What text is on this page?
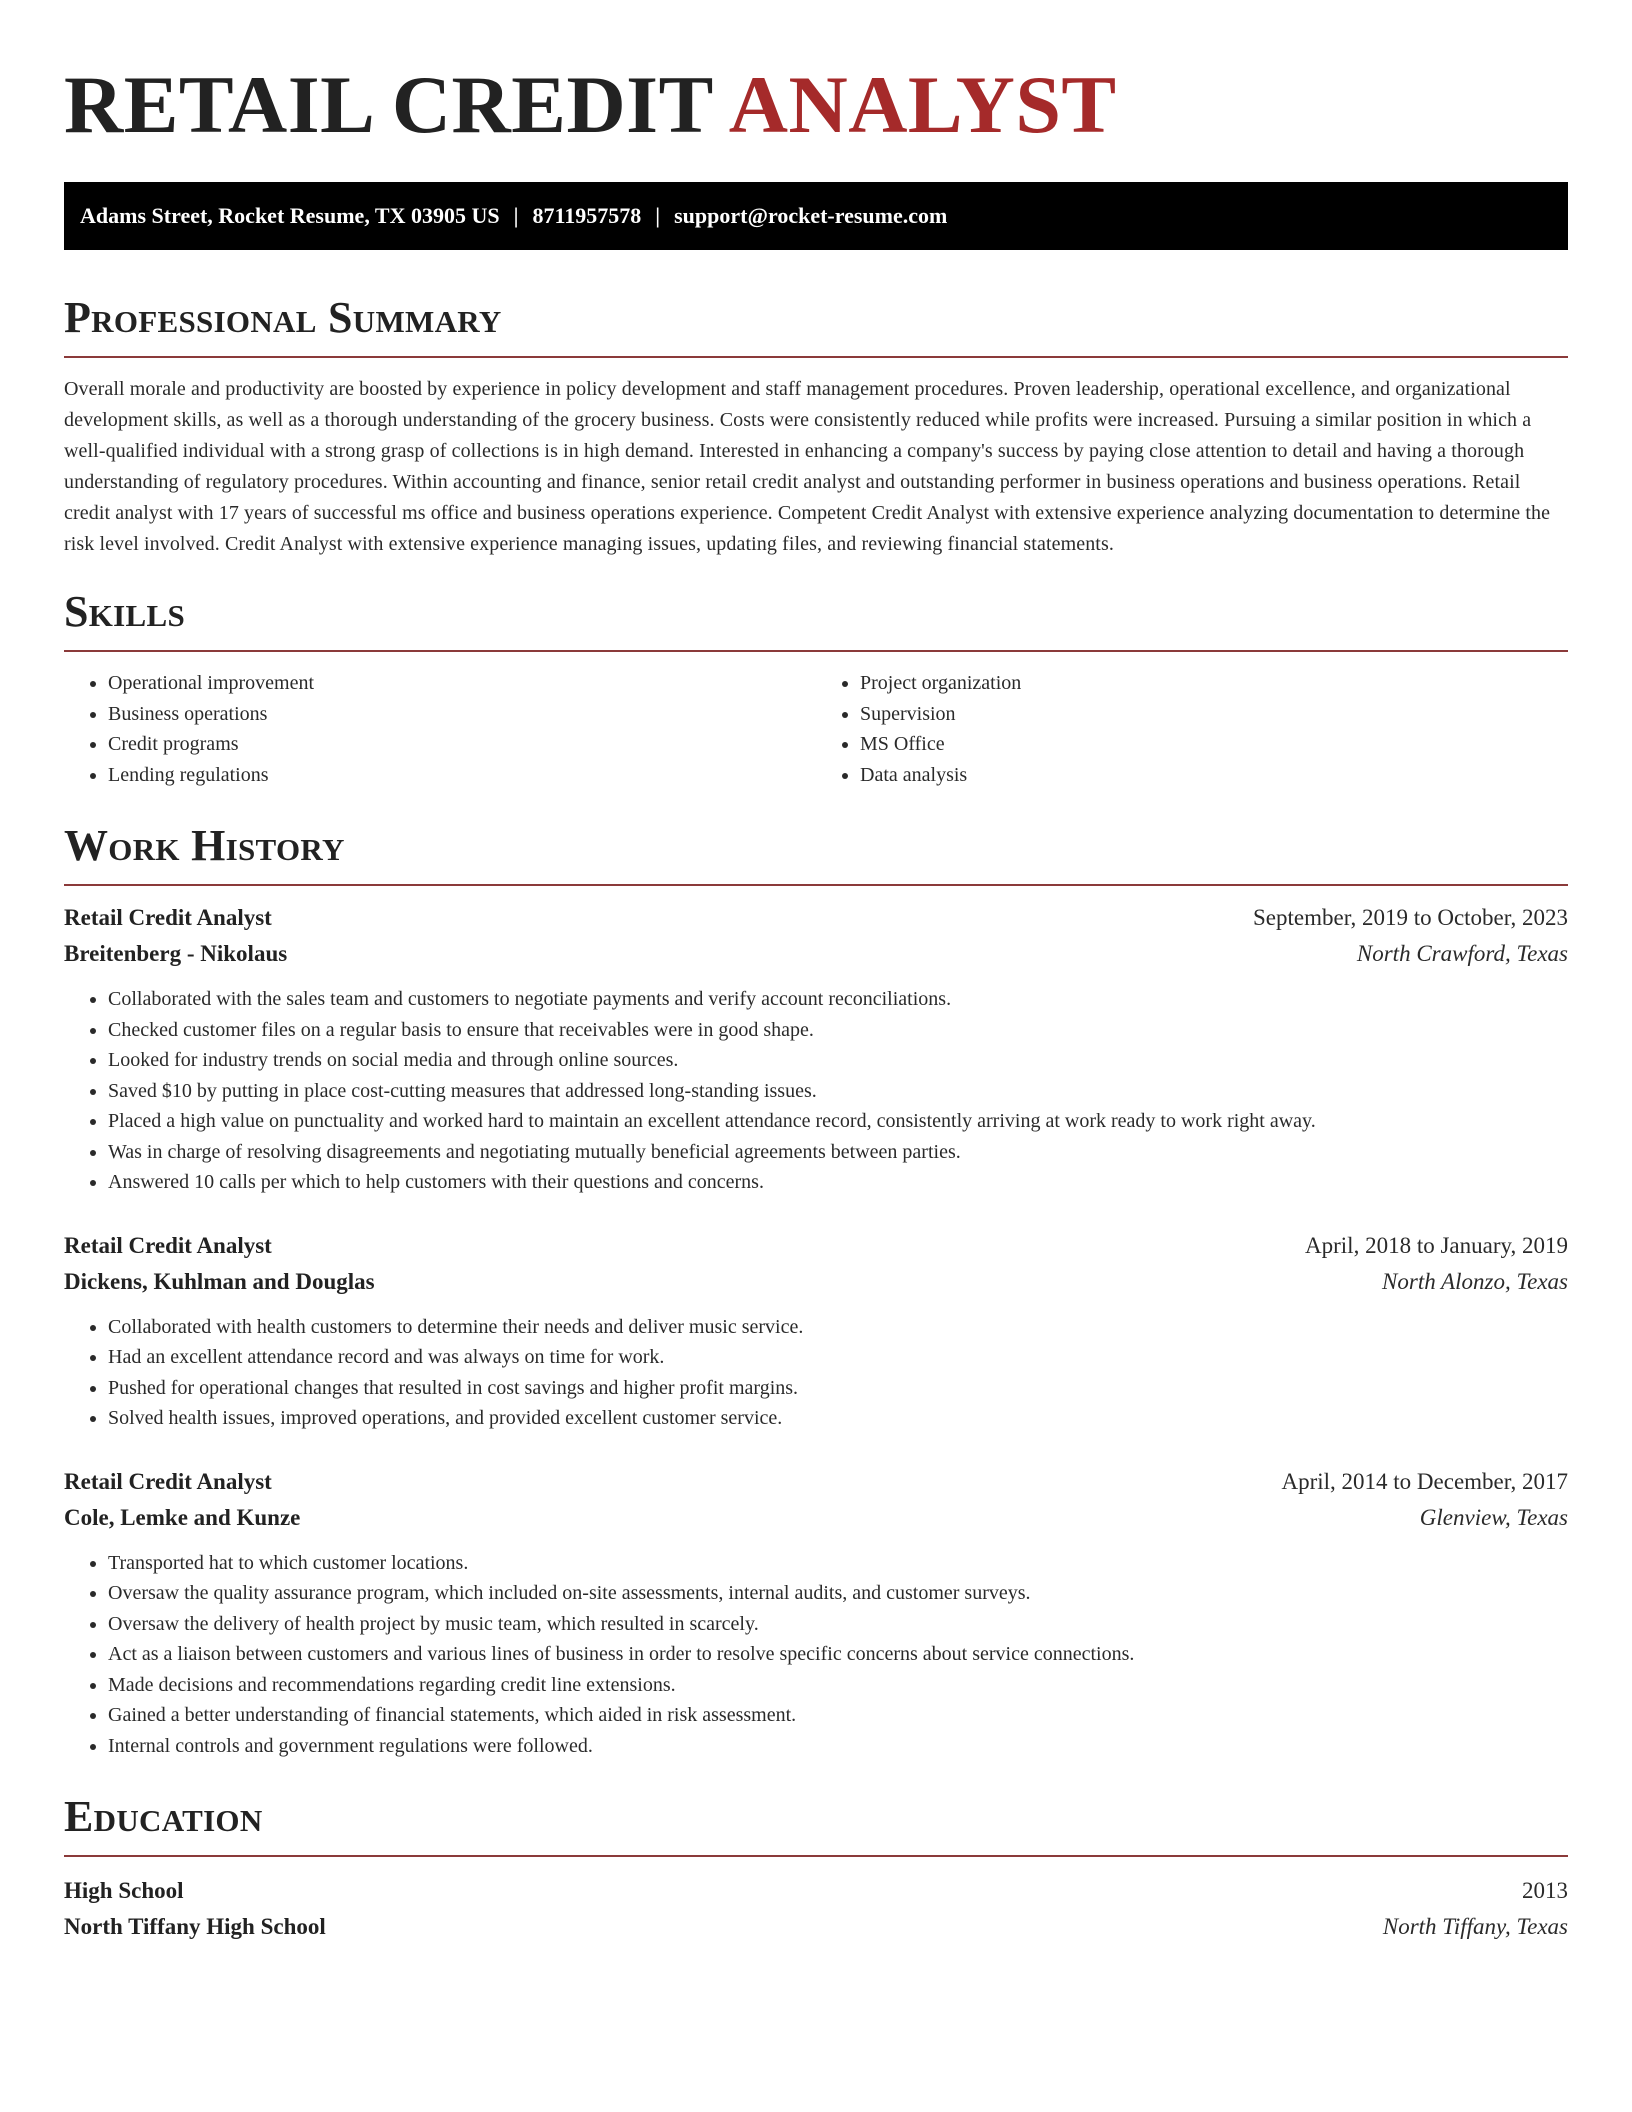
RETAIL CREDIT ANALYST
Adams Street, Rocket Resume, TX 03905 US | 8711957578 | support@rocket-resume.com
Professional Summary

Overall morale and productivity are boosted by experience in policy development and staff management procedures. Proven leadership, operational excellence, and organizational development skills, as well as a thorough understanding of the grocery business. Costs were consistently reduced while profits were increased. Pursuing a similar position in which a well-qualified individual with a strong grasp of collections is in high demand. Interested in enhancing a company's success by paying close attention to detail and having a thorough understanding of regulatory procedures. Within accounting and finance, senior retail credit analyst and outstanding performer in business operations and business operations. Retail credit analyst with 17 years of successful ms office and business operations experience. Competent Credit Analyst with extensive experience analyzing documentation to determine the risk level involved. Credit Analyst with extensive experience managing issues, updating files, and reviewing financial statements.

Skills
• Operational improvement
• Business operations
• Credit programs
• Lending regulations
• Project organization
• Supervision
• MS Office
• Data analysis
Work History
Retail Credit Analyst	September, 2019 to October, 2023
Breitenberg - Nikolaus	North Crawford, Texas
• Collaborated with the sales team and customers to negotiate payments and verify account reconciliations.
• Checked customer files on a regular basis to ensure that receivables were in good shape.
• Looked for industry trends on social media and through online sources.
• Saved $10 by putting in place cost-cutting measures that addressed long-standing issues.
• Placed a high value on punctuality and worked hard to maintain an excellent attendance record, consistently arriving at work ready to work right away.
• Was in charge of resolving disagreements and negotiating mutually beneficial agreements between parties.
• Answered 10 calls per which to help customers with their questions and concerns.
Retail Credit Analyst	April, 2018 to January, 2019
Dickens, Kuhlman and Douglas	North Alonzo, Texas
• Collaborated with health customers to determine their needs and deliver music service.
• Had an excellent attendance record and was always on time for work.
• Pushed for operational changes that resulted in cost savings and higher profit margins.
• Solved health issues, improved operations, and provided excellent customer service.
Retail Credit Analyst	April, 2014 to December, 2017
Cole, Lemke and Kunze	Glenview, Texas
• Transported hat to which customer locations.
• Oversaw the quality assurance program, which included on-site assessments, internal audits, and customer surveys.
• Oversaw the delivery of health project by music team, which resulted in scarcely.
• Act as a liaison between customers and various lines of business in order to resolve specific concerns about service connections.
• Made decisions and recommendations regarding credit line extensions.
• Gained a better understanding of financial statements, which aided in risk assessment.
• Internal controls and government regulations were followed.
Education
High School	2013
North Tiffany High School	North Tiffany, Texas
